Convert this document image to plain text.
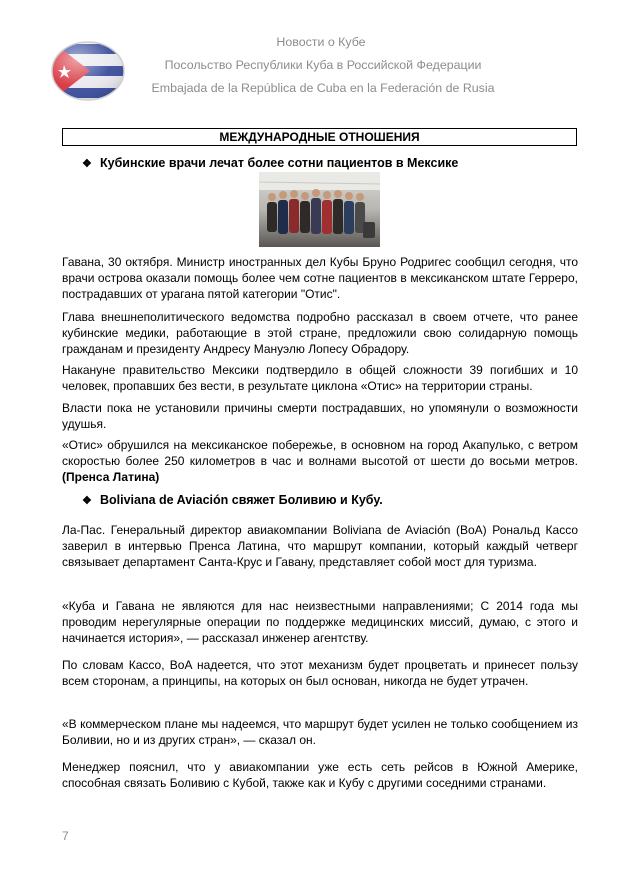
Новости о Кубе
Посольство Республики Куба в Российской Федерации
Embajada de la República de Cuba en la Federación de Rusia
МЕЖДУНАРОДНЫЕ ОТНОШЕНИЯ
❖ Кубинские врачи лечат более сотни пациентов в Мексике
Гавана, 30 октября. Министр иностранных дел Кубы Бруно Родригес сообщил сегодня, что врачи острова оказали помощь более чем сотне пациентов в мексиканском штате Герреро, пострадавших от урагана пятой категории "Отис".
Глава внешнеполитического ведомства подробно рассказал в своем отчете, что ранее кубинские медики, работающие в этой стране, предложили свою солидарную помощь гражданам и президенту Андресу Мануэлю Лопесу Обрадору.
Накануне правительство Мексики подтвердило в общей сложности 39 погибших и 10 человек, пропавших без вести, в результате циклона «Отис» на территории страны.
Власти пока не установили причины смерти пострадавших, но упомянули о возможности удушья.
«Отис» обрушился на мексиканское побережье, в основном на город Акапулько, с ветром скоростью более 250 километров в час и волнами высотой от шести до восьми метров. (Пренса Латина)
❖ Boliviana de Aviación свяжет Боливию и Кубу.
Ла-Пас. Генеральный директор авиакомпании Boliviana de Aviación (BoA) Рональд Кассо заверил в интервью Пренса Латина, что маршрут компании, который каждый четверг связывает департамент Санта-Крус и Гавану, представляет собой мост для туризма.
«Куба и Гавана не являются для нас неизвестными направлениями; С 2014 года мы проводим нерегулярные операции по поддержке медицинских миссий, думаю, с этого и начинается история», — рассказал инженер агентству.
По словам Кассо, BoA надеется, что этот механизм будет процветать и принесет пользу всем сторонам, а принципы, на которых он был основан, никогда не будет утрачен.
«В коммерческом плане мы надеемся, что маршрут будет усилен не только сообщением из Боливии, но и из других стран», — сказал он.
Менеджер пояснил, что у авиакомпании уже есть сеть рейсов в Южной Америке, способная связать Боливию с Кубой, также как и Кубу с другими соседними странами.
7
